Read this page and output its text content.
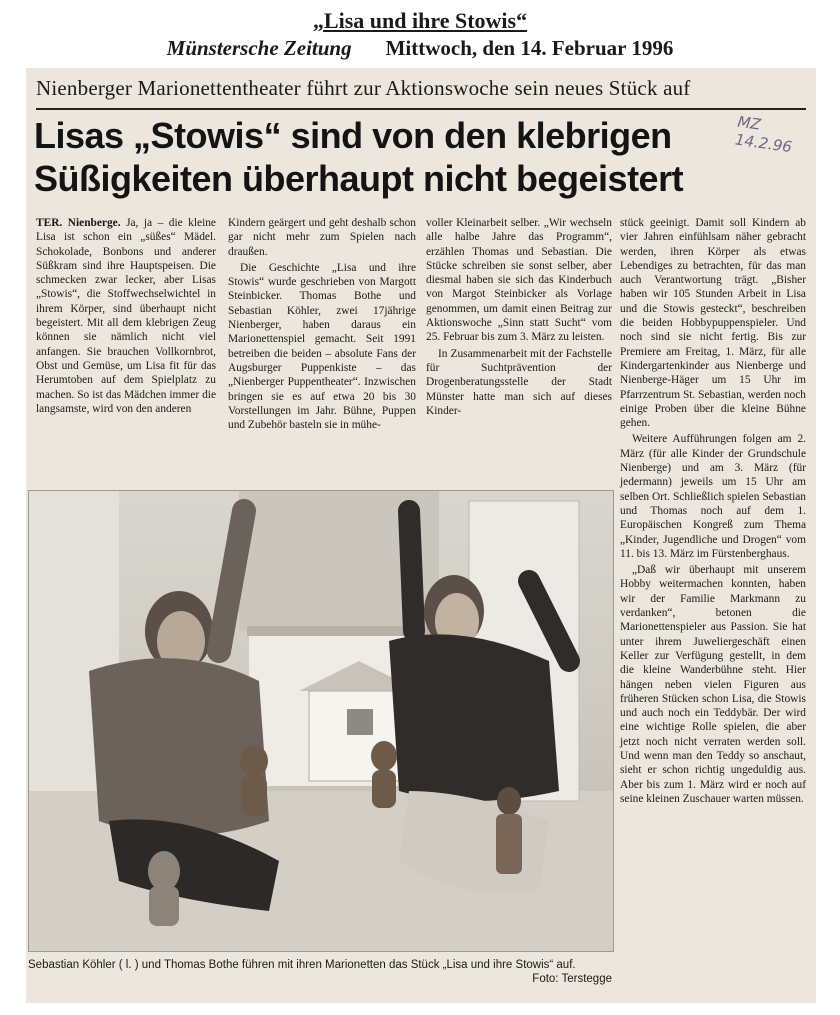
„Lisa und ihre Stowis“
Münstersche Zeitung Mittwoch, den 14. Februar 1996
Nienberger Marionettentheater führt zur Aktionswoche sein neues Stück auf
Lisas „Stowis“ sind von den klebrigen Süßigkeiten überhaupt nicht begeistert
MZ 14.2.96

TER. Nienberge. Ja, ja – die kleine Lisa ist schon ein „süßes“ Mädel. Schokolade, Bonbons und anderer Süßkram sind ihre Hauptspeisen. Die schmecken zwar lecker, aber Lisas „Stowis“, die Stoffwechselwichtel in ihrem Körper, sind überhaupt nicht begeistert. Mit all dem klebrigen Zeug können sie nämlich nicht viel anfangen. Sie brauchen Vollkornbrot, Obst und Gemüse, um Lisa fit für das Herumtoben auf dem Spielplatz zu machen. So ist das Mädchen immer die langsamste, wird von den anderen

Kindern geärgert und geht deshalb schon gar nicht mehr zum Spielen nach draußen.

Die Geschichte „Lisa und ihre Stowis“ wurde geschrieben von Margott Steinbicker. Thomas Bothe und Sebastian Köhler, zwei 17jährige Nienberger, haben daraus ein Marionettenspiel gemacht. Seit 1991 betreiben die beiden – absolute Fans der Augsburger Puppenkiste – das „Nienberger Puppentheater“. Inzwischen bringen sie es auf etwa 20 bis 30 Vorstellungen im Jahr. Bühne, Puppen und Zubehör basteln sie in mühe-

voller Kleinarbeit selber. „Wir wechseln alle halbe Jahre das Programm“, erzählen Thomas und Sebastian. Die Stücke schreiben sie sonst selber, aber diesmal haben sie sich das Kinderbuch von Margot Steinbicker als Vorlage genommen, um damit einen Beitrag zur Aktionswoche „Sinn statt Sucht“ vom 25. Februar bis zum 3. März zu leisten.

In Zusammenarbeit mit der Fachstelle für Suchtprävention der Drogenberatungsstelle der Stadt Münster hatte man sich auf dieses Kinder-

stück geeinigt. Damit soll Kindern ab vier Jahren einfühlsam näher gebracht werden, ihren Körper als etwas Lebendiges zu betrachten, für das man auch Verantwortung trägt. „Bisher haben wir 105 Stunden Arbeit in Lisa und die Stowis gesteckt“, beschreiben die beiden Hobbypuppenspieler. Und noch sind sie nicht fertig. Bis zur Premiere am Freitag, 1. März, für alle Kindergartenkinder aus Nienberge und Nienberge-Häger um 15 Uhr im Pfarrzentrum St. Sebastian, werden noch einige Proben über die kleine Bühne gehen.

Weitere Aufführungen folgen am 2. März (für alle Kinder der Grundschule Nienberge) und am 3. März (für jedermann) jeweils um 15 Uhr am selben Ort. Schließlich spielen Sebastian und Thomas noch auf dem 1. Europäischen Kongreß zum Thema „Kinder, Jugendliche und Drogen“ vom 11. bis 13. März im Fürstenberghaus.

„Daß wir überhaupt mit unserem Hobby weitermachen konnten, haben wir der Familie Markmann zu verdanken“, betonen die Marionettenspieler aus Passion. Sie hat unter ihrem Juweliergeschäft einen Keller zur Verfügung gestellt, in dem die kleine Wanderbühne steht. Hier hängen neben vielen Figuren aus früheren Stücken schon Lisa, die Stowis und auch noch ein Teddybär. Der wird eine wichtige Rolle spielen, die aber jetzt noch nicht verraten werden soll. Und wenn man den Teddy so anschaut, sieht er schon richtig ungeduldig aus. Aber bis zum 1. März wird er noch auf seine kleinen Zuschauer warten müssen.

Sebastian Köhler ( l. ) und Thomas Bothe führen mit ihren Marionetten das Stück „Lisa und ihre Stowis“ auf.
Foto: Terstegge
